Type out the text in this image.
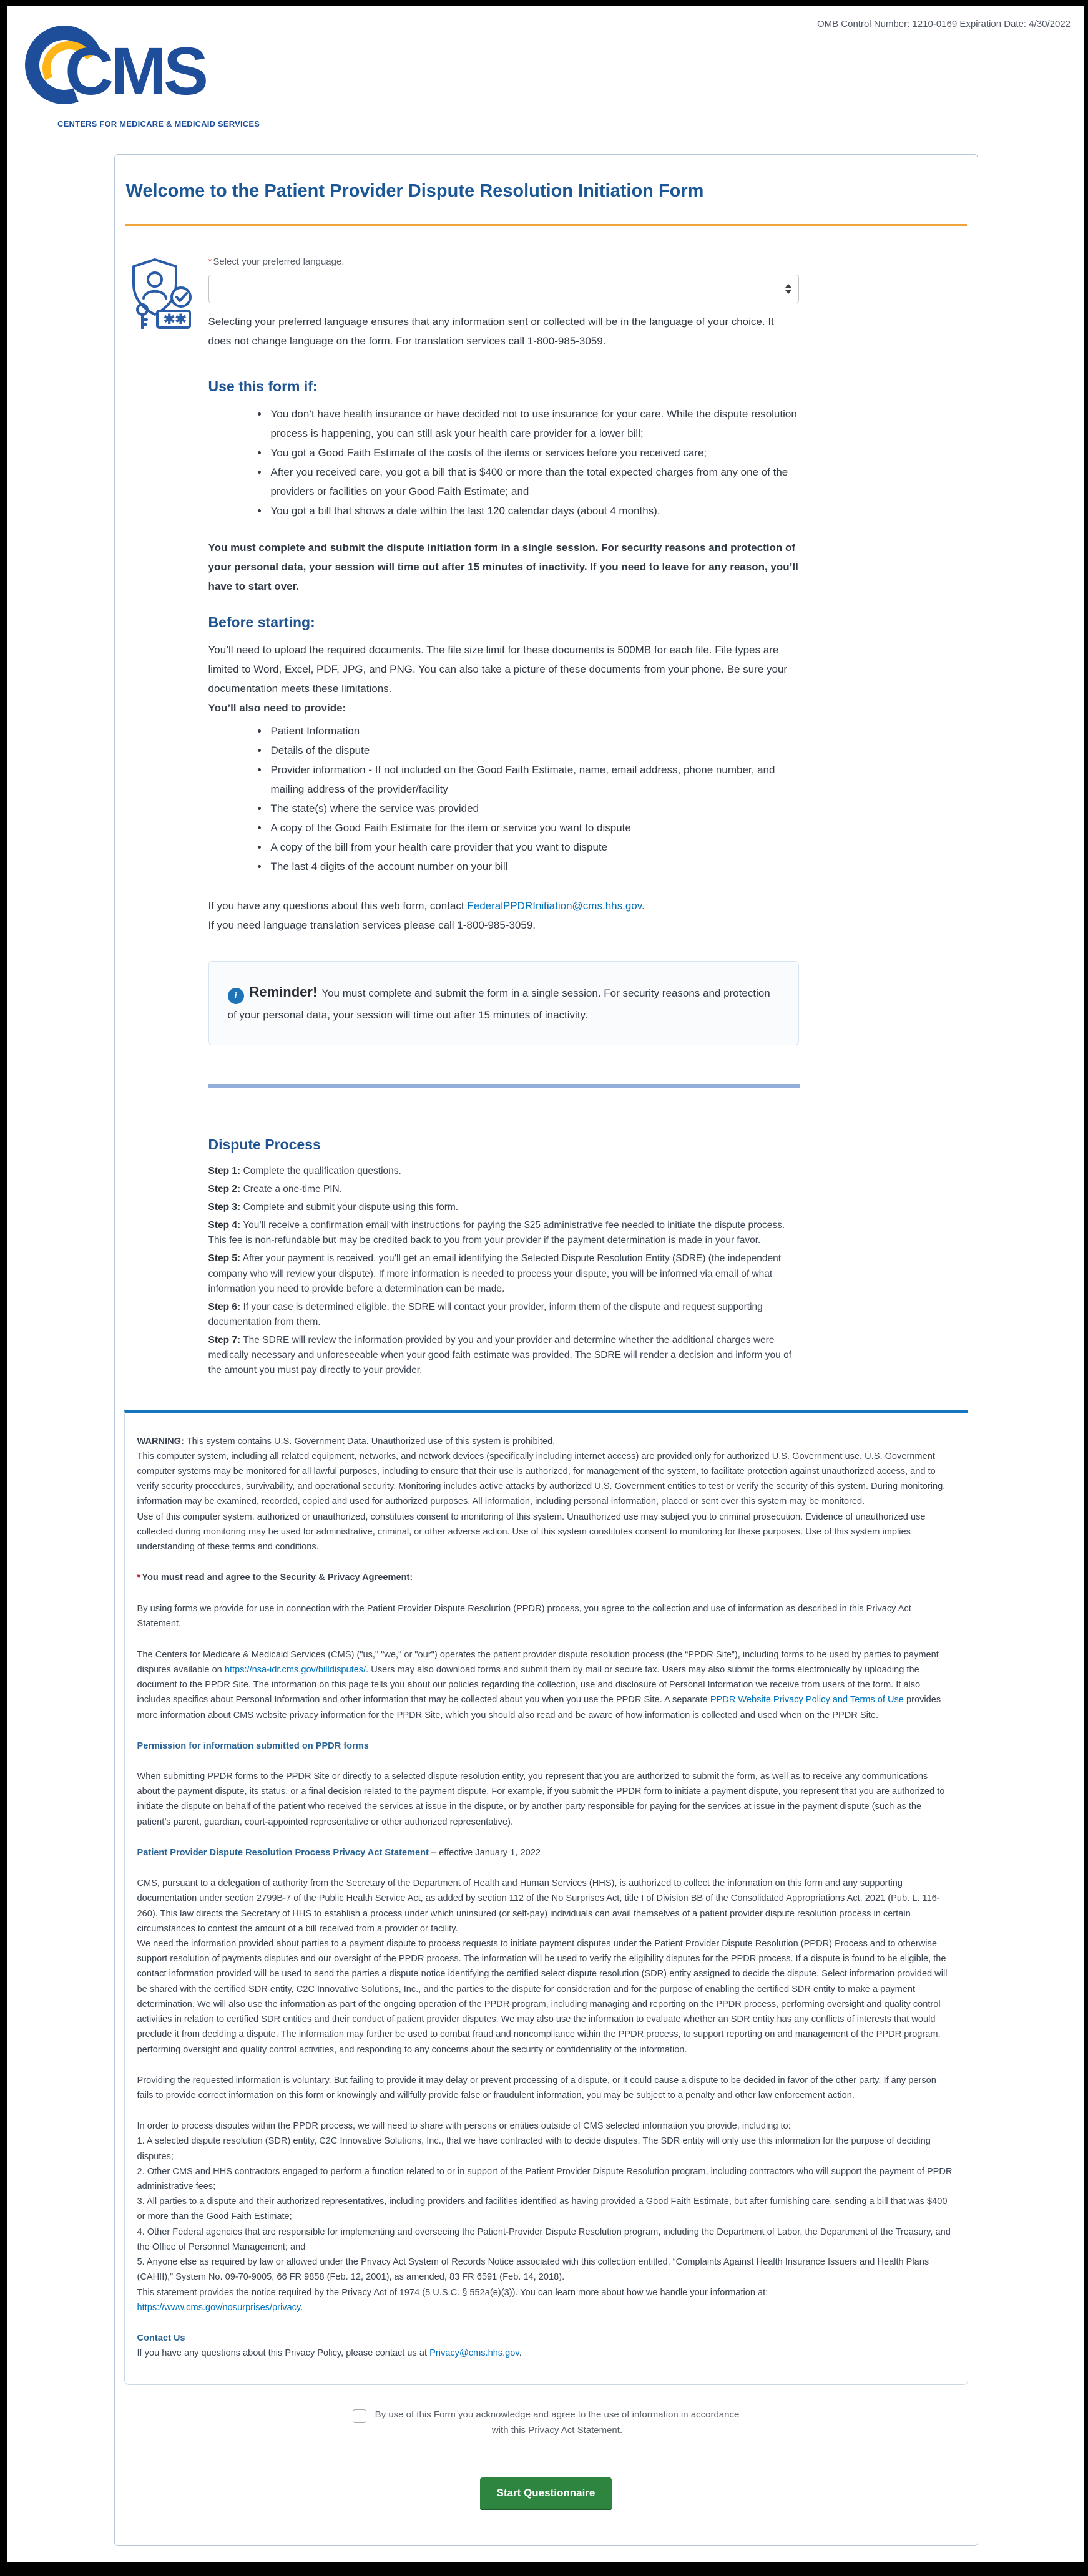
OMB Control Number: 1210-0169 Expiration Date: 4/30/2022
CMS
CENTERS FOR MEDICARE & MEDICAID SERVICES
Welcome to the Patient Provider Dispute Resolution Initiation Form
✱✱
* Select your preferred language.

Selecting your preferred language ensures that any information sent or collected will be in the language of your choice. It does not change language on the form. For translation services call 1-800-985-3059.

Use this form if:
• You don’t have health insurance or have decided not to use insurance for your care. While the dispute resolution process is happening, you can still ask your health care provider for a lower bill;
• You got a Good Faith Estimate of the costs of the items or services before you received care;
• After you received care, you got a bill that is $400 or more than the total expected charges from any one of the providers or facilities on your Good Faith Estimate; and
• You got a bill that shows a date within the last 120 calendar days (about 4 months).

You must complete and submit the dispute initiation form in a single session. For security reasons and protection of your personal data, your session will time out after 15 minutes of inactivity. If you need to leave for any reason, you’ll have to start over.

Before starting:

You’ll need to upload the required documents. The file size limit for these documents is 500MB for each file. File types are limited to Word, Excel, PDF, JPG, and PNG. You can also take a picture of these documents from your phone. Be sure your documentation meets these limitations.

You’ll also need to provide:

• Patient Information
• Details of the dispute
• Provider information - If not included on the Good Faith Estimate, name, email address, phone number, and mailing address of the provider/facility
• The state(s) where the service was provided
• A copy of the Good Faith Estimate for the item or service you want to dispute
• A copy of the bill from your health care provider that you want to dispute
• The last 4 digits of the account number on your bill

If you have any questions about this web form, contact FederalPPDRInitiation@cms.hhs.gov.

If you need language translation services please call 1-800-985-3059.

i Reminder! You must complete and submit the form in a single session. For security reasons and protection of your personal data, your session will time out after 15 minutes of inactivity.
Dispute Process

Step 1: Complete the qualification questions.

Step 2: Create a one-time PIN.

Step 3: Complete and submit your dispute using this form.

Step 4: You’ll receive a confirmation email with instructions for paying the $25 administrative fee needed to initiate the dispute process. This fee is non-refundable but may be credited back to you from your provider if the payment determination is made in your favor.

Step 5: After your payment is received, you’ll get an email identifying the Selected Dispute Resolution Entity (SDRE) (the independent company who will review your dispute). If more information is needed to process your dispute, you will be informed via email of what information you need to provide before a determination can be made.

Step 6: If your case is determined eligible, the SDRE will contact your provider, inform them of the dispute and request supporting documentation from them.

Step 7: The SDRE will review the information provided by you and your provider and determine whether the additional charges were medically necessary and unforeseeable when your good faith estimate was provided. The SDRE will render a decision and inform you of the amount you must pay directly to your provider.

WARNING: This system contains U.S. Government Data. Unauthorized use of this system is prohibited.

This computer system, including all related equipment, networks, and network devices (specifically including internet access) are provided only for authorized U.S. Government use. U.S. Government computer systems may be monitored for all lawful purposes, including to ensure that their use is authorized, for management of the system, to facilitate protection against unauthorized access, and to verify security procedures, survivability, and operational security. Monitoring includes active attacks by authorized U.S. Government entities to test or verify the security of this system. During monitoring, information may be examined, recorded, copied and used for authorized purposes. All information, including personal information, placed or sent over this system may be monitored.

Use of this computer system, authorized or unauthorized, constitutes consent to monitoring of this system. Unauthorized use may subject you to criminal prosecution. Evidence of unauthorized use collected during monitoring may be used for administrative, criminal, or other adverse action. Use of this system constitutes consent to monitoring for these purposes. Use of this system implies understanding of these terms and conditions.

* You must read and agree to the Security & Privacy Agreement:

By using forms we provide for use in connection with the Patient Provider Dispute Resolution (PPDR) process, you agree to the collection and use of information as described in this Privacy Act Statement.

The Centers for Medicare & Medicaid Services (CMS) ("us," "we," or "our") operates the patient provider dispute resolution process (the “PPDR Site”), including forms to be used by parties to payment disputes available on https://nsa-idr.cms.gov/billdisputes/. Users may also download forms and submit them by mail or secure fax. Users may also submit the forms electronically by uploading the document to the PPDR Site. The information on this page tells you about our policies regarding the collection, use and disclosure of Personal Information we receive from users of the form. It also includes specifics about Personal Information and other information that may be collected about you when you use the PPDR Site. A separate PPDR Website Privacy Policy and Terms of Use provides more information about CMS website privacy information for the PPDR Site, which you should also read and be aware of how information is collected and used when on the PPDR Site.

Permission for information submitted on PPDR forms

When submitting PPDR forms to the PPDR Site or directly to a selected dispute resolution entity, you represent that you are authorized to submit the form, as well as to receive any communications about the payment dispute, its status, or a final decision related to the payment dispute. For example, if you submit the PPDR form to initiate a payment dispute, you represent that you are authorized to initiate the dispute on behalf of the patient who received the services at issue in the dispute, or by another party responsible for paying for the services at issue in the payment dispute (such as the patient’s parent, guardian, court-appointed representative or other authorized representative).

Patient Provider Dispute Resolution Process Privacy Act Statement – effective January 1, 2022

CMS, pursuant to a delegation of authority from the Secretary of the Department of Health and Human Services (HHS), is authorized to collect the information on this form and any supporting documentation under section 2799B-7 of the Public Health Service Act, as added by section 112 of the No Surprises Act, title I of Division BB of the Consolidated Appropriations Act, 2021 (Pub. L. 116-260). This law directs the Secretary of HHS to establish a process under which uninsured (or self-pay) individuals can avail themselves of a patient provider dispute resolution process in certain circumstances to contest the amount of a bill received from a provider or facility.

We need the information provided about parties to a payment dispute to process requests to initiate payment disputes under the Patient Provider Dispute Resolution (PPDR) Process and to otherwise support resolution of payments disputes and our oversight of the PPDR process. The information will be used to verify the eligibility disputes for the PPDR process. If a dispute is found to be eligible, the contact information provided will be used to send the parties a dispute notice identifying the certified select dispute resolution (SDR) entity assigned to decide the dispute. Select information provided will be shared with the certified SDR entity, C2C Innovative Solutions, Inc., and the parties to the dispute for consideration and for the purpose of enabling the certified SDR entity to make a payment determination. We will also use the information as part of the ongoing operation of the PPDR program, including managing and reporting on the PPDR process, performing oversight and quality control activities in relation to certified SDR entities and their conduct of patient provider disputes. We may also use the information to evaluate whether an SDR entity has any conflicts of interests that would preclude it from deciding a dispute. The information may further be used to combat fraud and noncompliance within the PPDR process, to support reporting on and management of the PPDR program, performing oversight and quality control activities, and responding to any concerns about the security or confidentiality of the information.

Providing the requested information is voluntary. But failing to provide it may delay or prevent processing of a dispute, or it could cause a dispute to be decided in favor of the other party. If any person fails to provide correct information on this form or knowingly and willfully provide false or fraudulent information, you may be subject to a penalty and other law enforcement action.

In order to process disputes within the PPDR process, we will need to share with persons or entities outside of CMS selected information you provide, including to:

1. A selected dispute resolution (SDR) entity, C2C Innovative Solutions, Inc., that we have contracted with to decide disputes. The SDR entity will only use this information for the purpose of deciding disputes;

2. Other CMS and HHS contractors engaged to perform a function related to or in support of the Patient Provider Dispute Resolution program, including contractors who will support the payment of PPDR administrative fees;

3. All parties to a dispute and their authorized representatives, including providers and facilities identified as having provided a Good Faith Estimate, but after furnishing care, sending a bill that was $400 or more than the Good Faith Estimate;

4. Other Federal agencies that are responsible for implementing and overseeing the Patient-Provider Dispute Resolution program, including the Department of Labor, the Department of the Treasury, and the Office of Personnel Management; and

5. Anyone else as required by law or allowed under the Privacy Act System of Records Notice associated with this collection entitled, “Complaints Against Health Insurance Issuers and Health Plans (CAHII),” System No. 09-70-9005, 66 FR 9858 (Feb. 12, 2001), as amended, 83 FR 6591 (Feb. 14, 2018).

This statement provides the notice required by the Privacy Act of 1974 (5 U.S.C. § 552a(e)(3)). You can learn more about how we handle your information at:
https://www.cms.gov/nosurprises/privacy.

Contact Us

If you have any questions about this Privacy Policy, please contact us at Privacy@cms.hhs.gov.

By use of this Form you acknowledge and agree to the use of information in accordance
with this Privacy Act Statement.
Start Questionnaire
